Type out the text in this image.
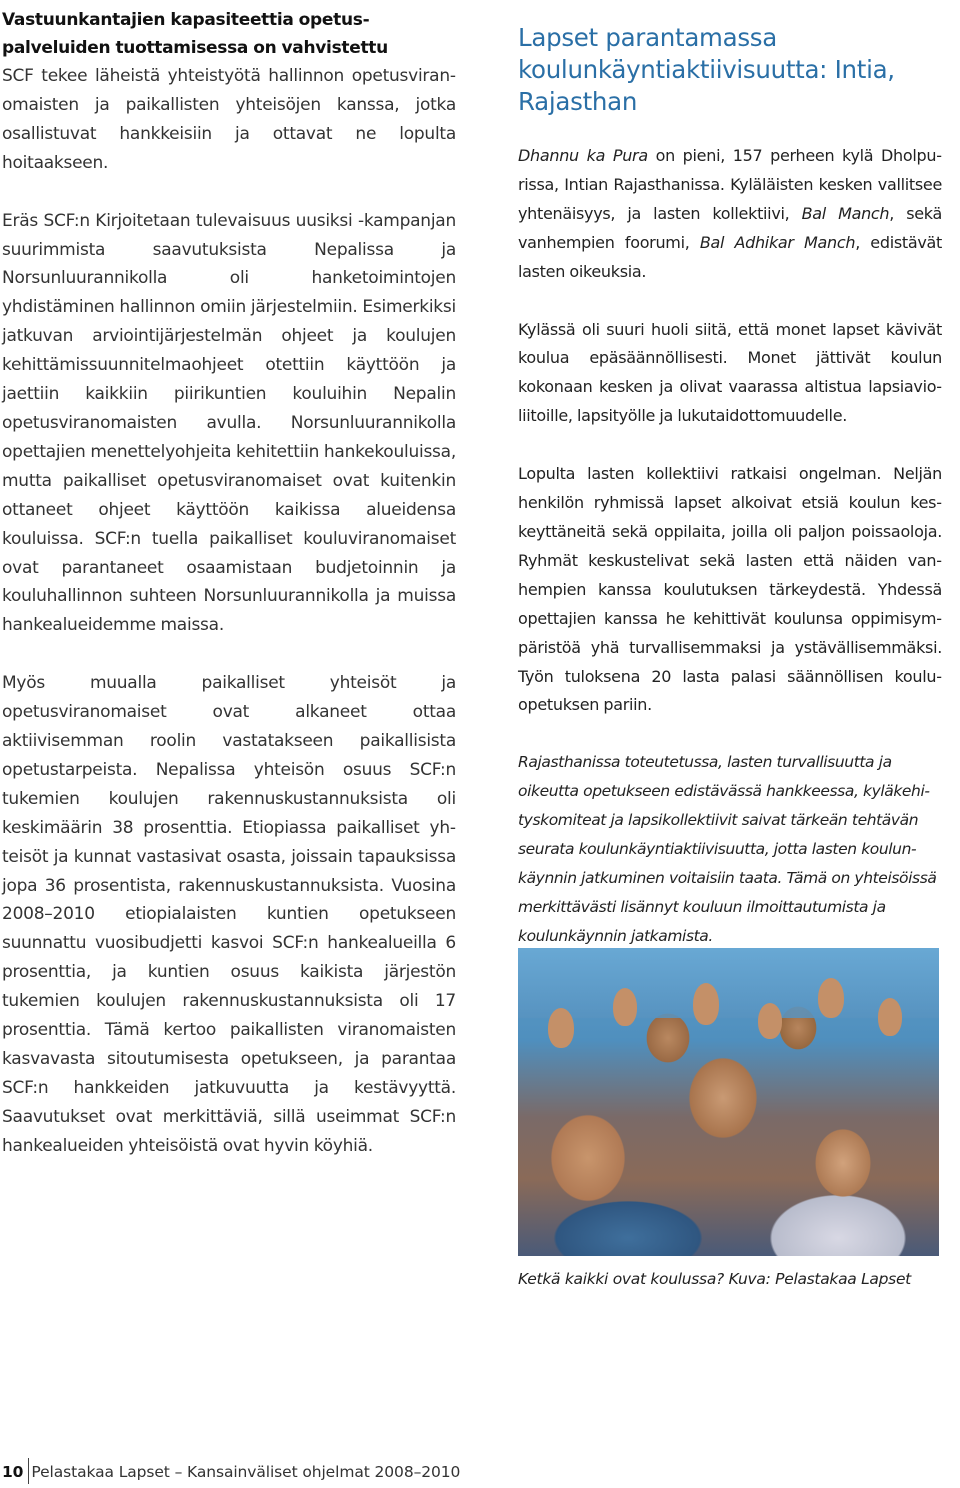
Vastuunkantajien kapasiteettia opetuspalveluiden tuottamisessa on vahvistettu
SCF tekee läheistä yhteistyötä hallinnon opetusviranomaisten ja paikallisten yhteisöjen kanssa, jotka osallistuvat hankkeisiin ja ottavat ne lopulta hoitaakseen.

Eräs SCF:n Kirjoitetaan tulevaisuus uusiksi -kampanjan suurimmista saavutuksista Nepalissa ja Norsunluurannikolla oli hanketoimintojen yhdistäminen hallinnon omiin järjestelmiin. Esimerkiksi jatkuvan arviointijärjestelmän ohjeet ja koulujen kehittämissuunnitelmaohjeet otettiin käyttöön ja jaettiin kaikkiin piirikuntien kouluihin Nepalin opetusviranomaisten avulla. Norsunluurannikolla opettajien menettelyohjeita kehitettiin hankekouluissa, mutta paikalliset opetusviranomaiset ovat kuitenkin ottaneet ohjeet käyttöön kaikissa alueidensa kouluissa. SCF:n tuella paikalliset kouluviranomaiset ovat parantaneet osaamistaan budjetoinnin ja kouluhallinnon suhteen Norsunluurannikolla ja muissa hankealueidemme maissa.

Myös muualla paikalliset yhteisöt ja opetusviranomaiset ovat alkaneet ottaa aktiivisemman roolin vastatakseen paikallisista opetustarpeista. Nepalissa yhteisön osuus SCF:n tukemien koulujen rakennuskustannuksista oli keskimäärin 38 prosenttia. Etiopiassa paikalliset yhteisöt ja kunnat vastasivat osasta, joissain tapauksissa jopa 36 prosentista, rakennuskustannuksista. Vuosina 2008–2010 etiopialaisten kuntien opetukseen suunnattu vuosibudjetti kasvoi SCF:n hankealueilla 6 prosenttia, ja kuntien osuus kaikista järjestön tukemien koulujen rakennuskustannuksista oli 17 prosenttia. Tämä kertoo paikallisten viranomaisten kasvavasta sitoutumisesta opetukseen, ja parantaa SCF:n hankkeiden jatkuvuutta ja kestävyyttä. Saavutukset ovat merkittäviä, sillä useimmat SCF:n hankealueiden yhteisöistä ovat hyvin köyhiä.

Lapset parantamassa koulunkäyntiaktiivisuutta: Intia, Rajasthan

Dhannu ka Pura on pieni, 157 perheen kylä Dholpurissa, Intian Rajasthanissa. Kyläläisten kesken vallitsee yhtenäisyys, ja lasten kollektiivi, Bal Manch, sekä vanhempien foorumi, Bal Adhikar Manch, edistävät lasten oikeuksia.

Kylässä oli suuri huoli siitä, että monet lapset kävivät koulua epäsäännöllisesti. Monet jättivät koulun kokonaan kesken ja olivat vaarassa altistua lapsiavioliitoille, lapsityölle ja lukutaidottomuudelle.

Lopulta lasten kollektiivi ratkaisi ongelman. Neljän henkilön ryhmissä lapset alkoivat etsiä koulun keskeyttäneitä sekä oppilaita, joilla oli paljon poissaoloja. Ryhmät keskustelivat sekä lasten että näiden vanhempien kanssa koulutuksen tärkeydestä. Yhdessä opettajien kanssa he kehittivät koulunsa oppimisympäristöä yhä turvallisemmaksi ja ystävällisemmäksi. Työn tuloksena 20 lasta palasi säännöllisen kouluopetuksen pariin.

Rajasthanissa toteutetussa, lasten turvallisuutta ja oikeutta opetukseen edistävässä hankkeessa, kyläkehityskomiteat ja lapsikollektiivit saivat tärkeän tehtävän seurata koulunkäyntiaktiivisuutta, jotta lasten koulunkäynnin jatkuminen voitaisiin taata. Tämä on yhteisöissä merkittävästi lisännyt kouluun ilmoittautumista ja koulunkäynnin jatkamista.

Ketkä kaikki ovat koulussa? Kuva: Pelastakaa Lapset

10 Pelastakaa Lapset – Kansainväliset ohjelmat 2008–2010
